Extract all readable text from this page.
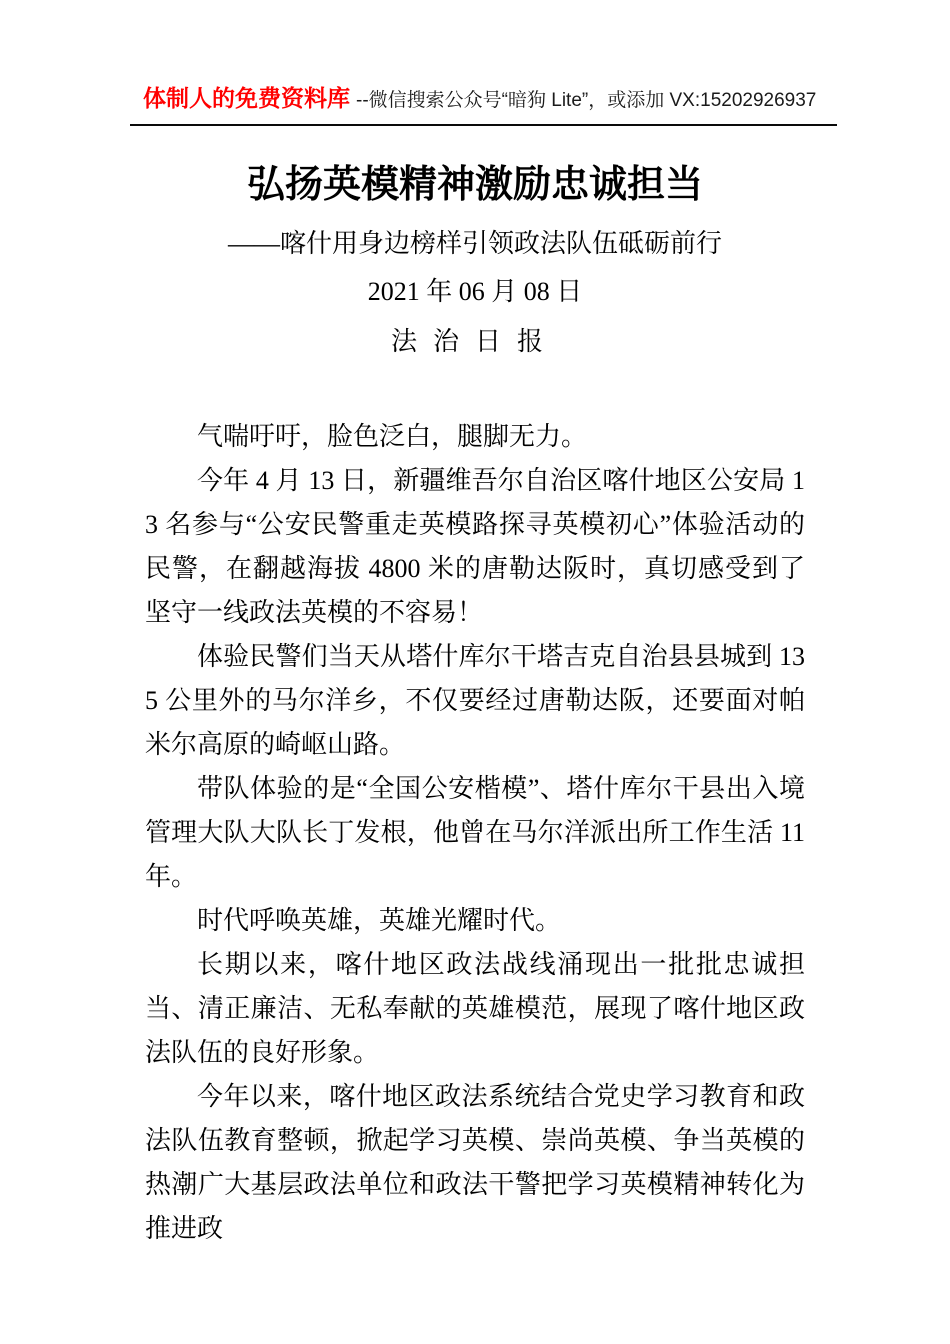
体制人的免费资料库 --微信搜索公众号“暗狗 Lite”，或添加 VX:15202926937
弘扬英模精神激励忠诚担当
——喀什用身边榜样引领政法队伍砥砺前行
2021 年 06 月 08 日
法治日报

气喘吁吁，脸色泛白，腿脚无力。

今年 4 月 13 日，新疆维吾尔自治区喀什地区公安局 13 名参与“公安民警重走英模路探寻英模初心”体验活动的民警，在翻越海拔 4800 米的唐勒达阪时，真切感受到了坚守一线政法英模的不容易！

体验民警们当天从塔什库尔干塔吉克自治县县城到 135 公里外的马尔洋乡，不仅要经过唐勒达阪，还要面对帕米尔高原的崎岖山路。

带队体验的是“全国公安楷模”、塔什库尔干县出入境管理大队大队长丁发根，他曾在马尔洋派出所工作生活 11 年。

时代呼唤英雄，英雄光耀时代。

长期以来，喀什地区政法战线涌现出一批批忠诚担当、清正廉洁、无私奉献的英雄模范，展现了喀什地区政法队伍的良好形象。

今年以来，喀什地区政法系统结合党史学习教育和政法队伍教育整顿，掀起学习英模、崇尚英模、争当英模的热潮广大基层政法单位和政法干警把学习英模精神转化为推进政
